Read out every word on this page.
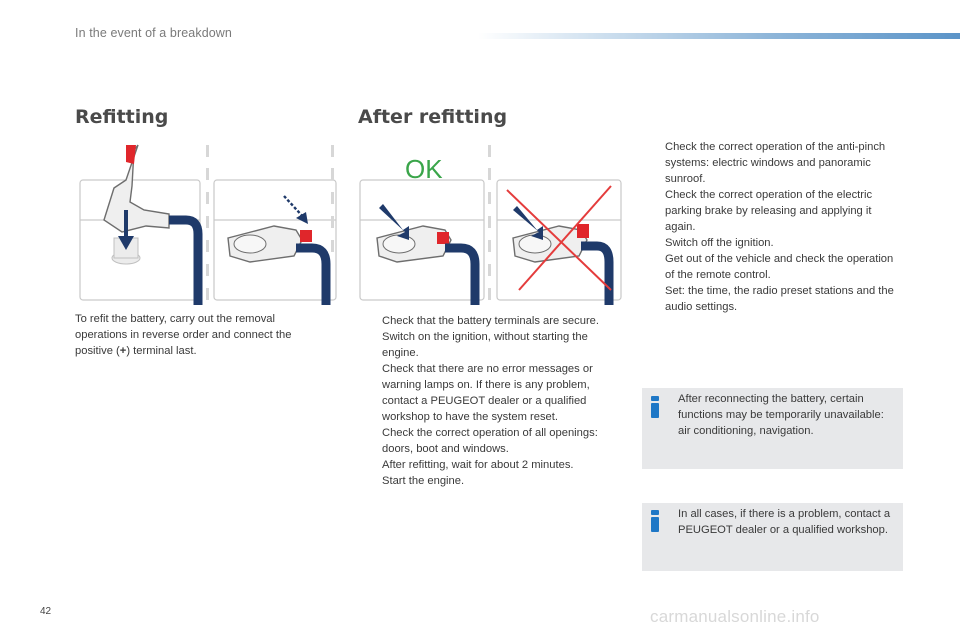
In the event of a breakdown
Refitting	After refitting
OK
To refit the battery, carry out the removal operations in reverse order and connect the positive (+) terminal last.
Check that the battery terminals are secure.
Switch on the ignition, without starting the engine.
Check that there are no error messages or warning lamps on. If there is any problem, contact a PEUGEOT dealer or a qualified workshop to have the system reset.
Check the correct operation of all openings: doors, boot and windows.
After refitting, wait for about 2 minutes.
Start the engine.
Check the correct operation of the anti-pinch systems: electric windows and panoramic sunroof.
Check the correct operation of the electric parking brake by releasing and applying it again.
Switch off the ignition.
Get out of the vehicle and check the operation of the remote control.
Set: the time, the radio preset stations and the audio settings.
After reconnecting the battery, certain functions may be temporarily unavailable: air conditioning, navigation.
In all cases, if there is a problem, contact a PEUGEOT dealer or a qualified workshop.
42	carmanualsonline.info
